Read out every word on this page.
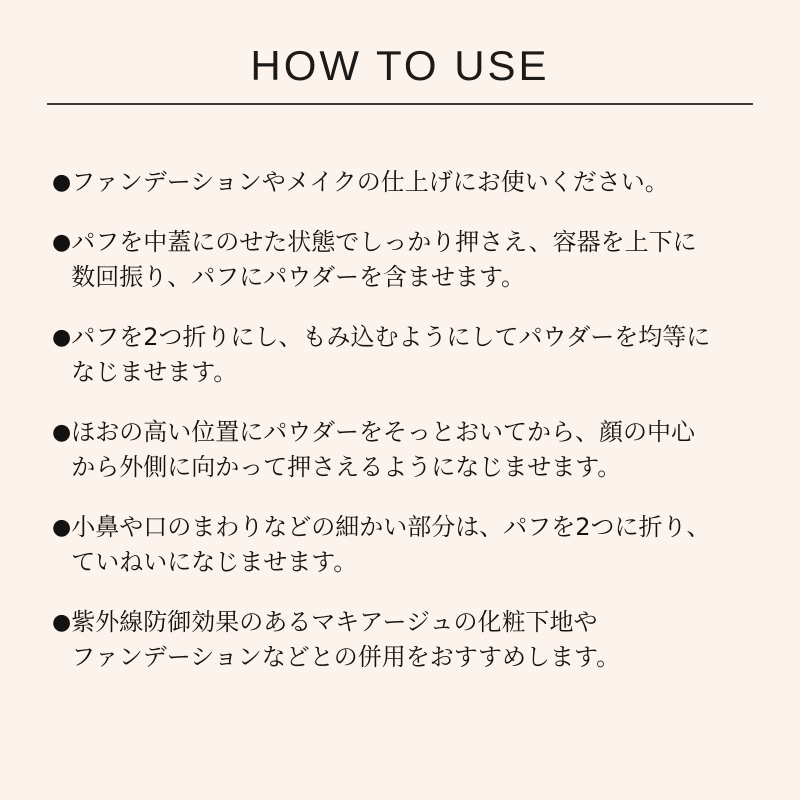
HOW TO USE
● ファンデーションやメイクの仕上げにお使いください。
● パフを中蓋にのせた状態でしっかり押さえ、容器を上下に
数回振り、パフにパウダーを含ませます。
● パフを2つ折りにし、もみ込むようにしてパウダーを均等に
なじませます。
● ほおの高い位置にパウダーをそっとおいてから、顔の中心
から外側に向かって押さえるようになじませます。
● 小鼻や口のまわりなどの細かい部分は、パフを2つに折り、
ていねいになじませます。
● 紫外線防御効果のあるマキアージュの化粧下地や
ファンデーションなどとの併用をおすすめします。
